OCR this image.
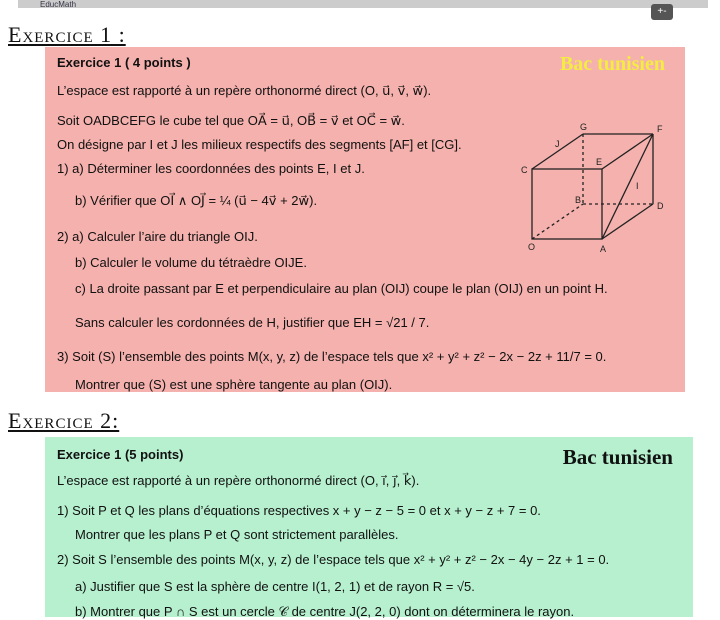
EducMath
+-
Exercice 1 :
Exercice 1 ( 4 points )	Bac tunisien
L’espace est rapporté à un repère orthonormé direct (O, u⃗, v⃗, w⃗).
Soit OADBCEFG le cube tel que OA⃗ = u⃗, OB⃗ = v⃗ et OC⃗ = w⃗.
On désigne par I et J les milieux respectifs des segments [AF] et [CG].
1) a) Déterminer les coordonnées des points E, I et J.
b) Vérifier que OI⃗ ∧ OJ⃗ = ¼ (u⃗ − 4v⃗ + 2w⃗).
2) a) Calculer l’aire du triangle OIJ.
b) Calculer le volume du tétraèdre OIJE.
c) La droite passant par E et perpendiculaire au plan (OIJ) coupe le plan (OIJ) en un point H.
Sans calculer les cordonnées de H, justifier que EH = √21 / 7.
3) Soit (S) l’ensemble des points M(x, y, z) de l’espace tels que x² + y² + z² − 2x − 2z + 11/7 = 0.
Montrer que (S) est une sphère tangente au plan (OIJ).
G	F
J
C
E
I
B
D
O	A
Exercice 2:
Exercice 1 (5 points)	Bac tunisien
L’espace est rapporté à un repère orthonormé direct (O, i⃗, j⃗, k⃗).
1) Soit P et Q les plans d’équations respectives x + y − z − 5 = 0 et x + y − z + 7 = 0.
Montrer que les plans P et Q sont strictement parallèles.
2) Soit S l’ensemble des points M(x, y, z) de l’espace tels que x² + y² + z² − 2x − 4y − 2z + 1 = 0.
a) Justifier que S est la sphère de centre I(1, 2, 1) et de rayon R = √5.
b) Montrer que P ∩ S est un cercle 𝒞 de centre J(2, 2, 0) dont on déterminera le rayon.
